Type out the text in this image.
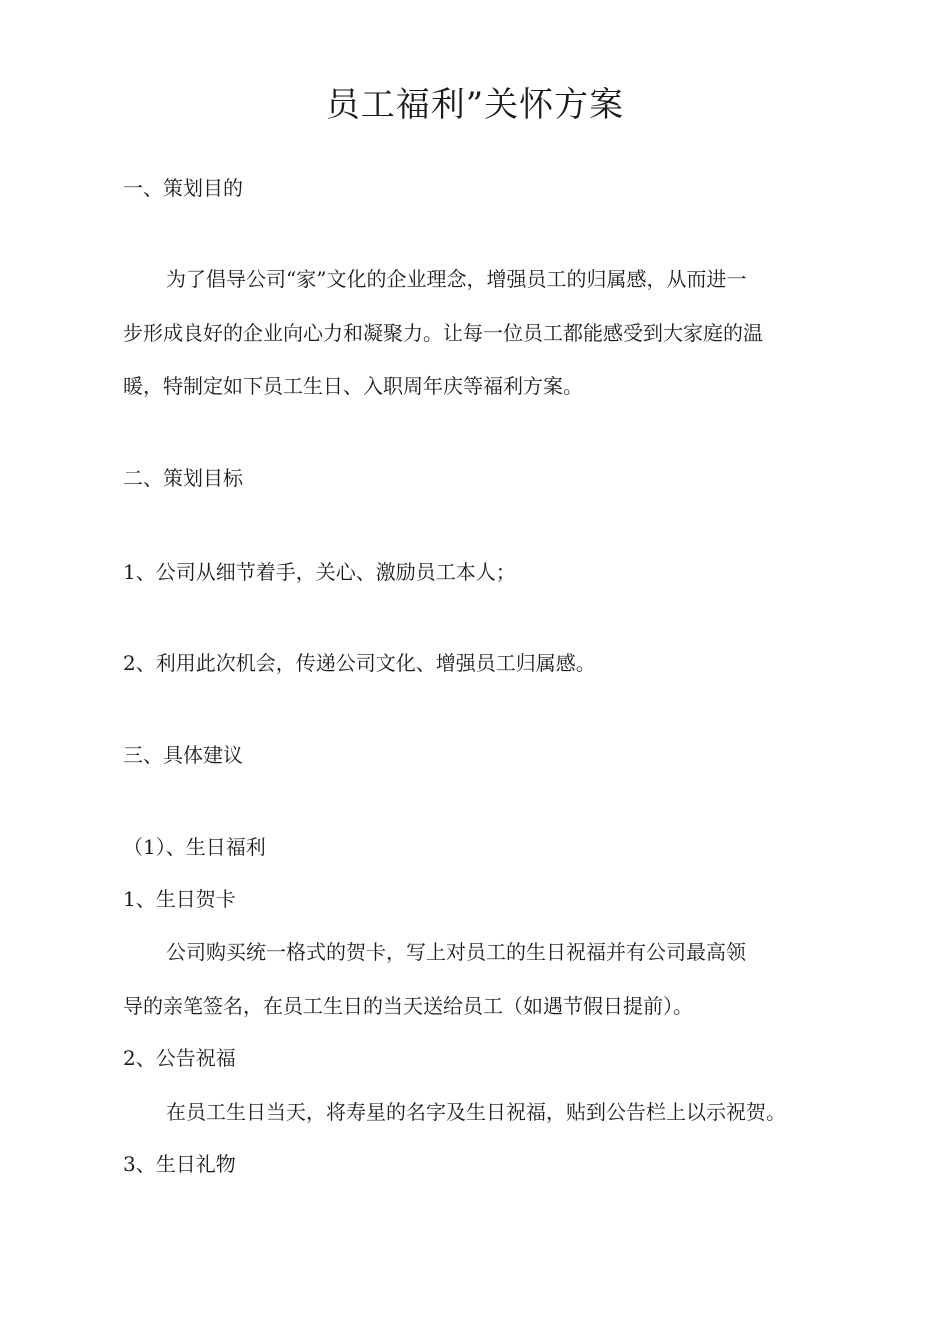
员工福利”关怀方案

一、策划目的

为了倡导公司“家”文化的企业理念，增强员工的归属感，从而进一

步形成良好的企业向心力和凝聚力。让每一位员工都能感受到大家庭的温

暖，特制定如下员工生日、入职周年庆等福利方案。

二、策划目标

1、公司从细节着手，关心、激励员工本人；

2、利用此次机会，传递公司文化、增强员工归属感。

三、具体建议

（1）、生日福利

1、生日贺卡

公司购买统一格式的贺卡，写上对员工的生日祝福并有公司最高领

导的亲笔签名，在员工生日的当天送给员工（如遇节假日提前）。

2、公告祝福

在员工生日当天，将寿星的名字及生日祝福，贴到公告栏上以示祝贺。

3、生日礼物
